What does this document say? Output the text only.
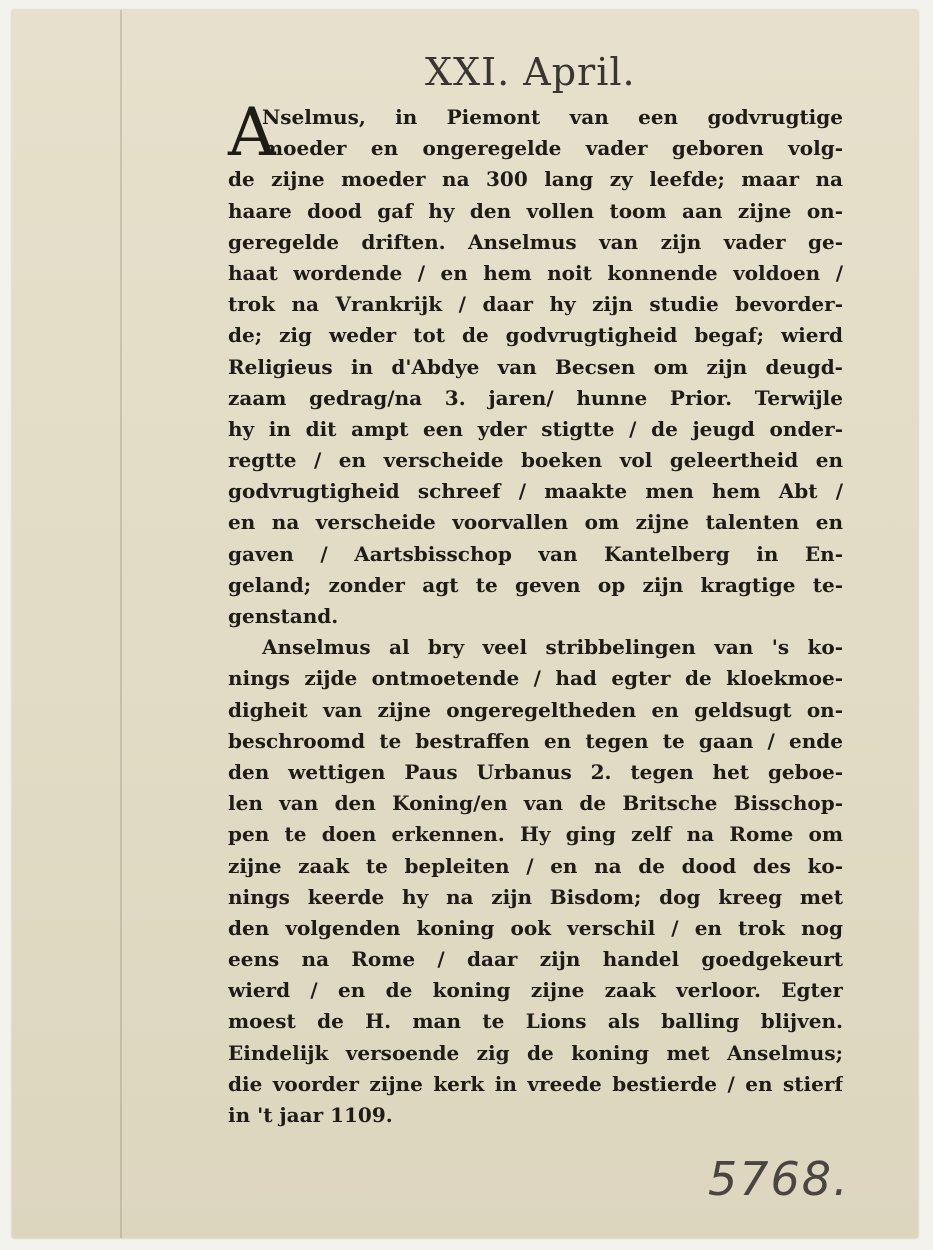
XXI. April.
A
Nselmus, in Piemont van een godvrugtige
moeder en ongeregelde vader geboren volg-
de zijne moeder na 300 lang zy leefde; maar na
haare dood gaf hy den vollen toom aan zijne on-
geregelde driften. Anselmus van zijn vader ge-
haat wordende / en hem noit konnende voldoen /
trok na Vrankrijk / daar hy zijn studie bevorder-
de; zig weder tot de godvrugtigheid begaf; wierd
Religieus in d'Abdye van Becsen om zijn deugd-
zaam gedrag/na 3. jaren/ hunne Prior. Terwijle
hy in dit ampt een yder stigtte / de jeugd onder-
regtte / en verscheide boeken vol geleertheid en
godvrugtigheid schreef / maakte men hem Abt /
en na verscheide voorvallen om zijne talenten en
gaven / Aartsbisschop van Kantelberg in En-
geland; zonder agt te geven op zijn kragtige te-
genstand.
Anselmus al bry veel stribbelingen van 's ko-
nings zijde ontmoetende / had egter de kloekmoe-
digheit van zijne ongeregeltheden en geldsugt on-
beschroomd te bestraffen en tegen te gaan / ende
den wettigen Paus Urbanus 2. tegen het geboe-
len van den Koning/en van de Britsche Bisschop-
pen te doen erkennen. Hy ging zelf na Rome om
zijne zaak te bepleiten / en na de dood des ko-
nings keerde hy na zijn Bisdom; dog kreeg met
den volgenden koning ook verschil / en trok nog
eens na Rome / daar zijn handel goedgekeurt
wierd / en de koning zijne zaak verloor. Egter
moest de H. man te Lions als balling blijven.
Eindelijk versoende zig de koning met Anselmus;
die voorder zijne kerk in vreede bestierde / en stierf
in 't jaar 1109.
5768.
